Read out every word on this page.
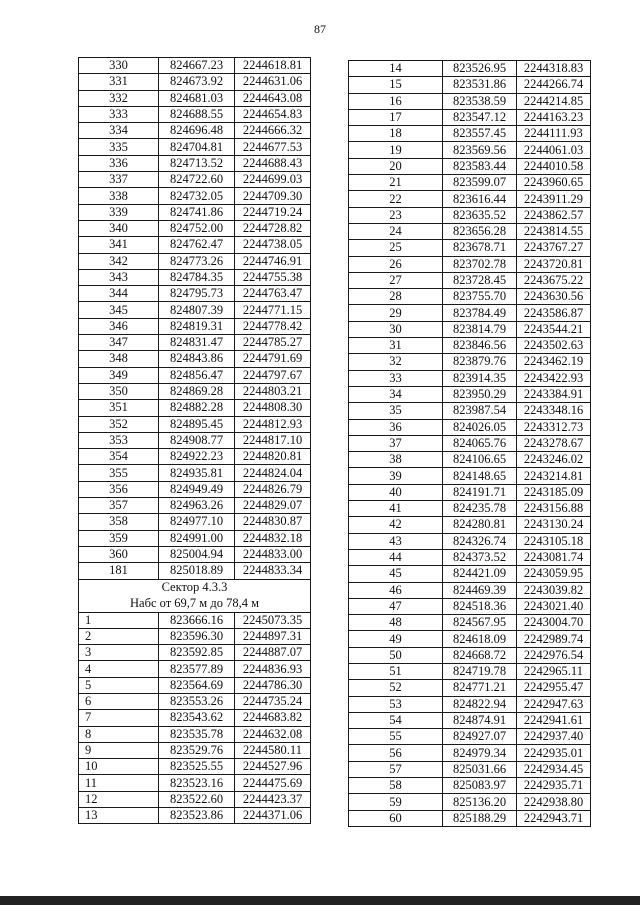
87
330	824667.23	2244618.81
331	824673.92	2244631.06
332	824681.03	2244643.08
333	824688.55	2244654.83
334	824696.48	2244666.32
335	824704.81	2244677.53
336	824713.52	2244688.43
337	824722.60	2244699.03
338	824732.05	2244709.30
339	824741.86	2244719.24
340	824752.00	2244728.82
341	824762.47	2244738.05
342	824773.26	2244746.91
343	824784.35	2244755.38
344	824795.73	2244763.47
345	824807.39	2244771.15
346	824819.31	2244778.42
347	824831.47	2244785.27
348	824843.86	2244791.69
349	824856.47	2244797.67
350	824869.28	2244803.21
351	824882.28	2244808.30
352	824895.45	2244812.93
353	824908.77	2244817.10
354	824922.23	2244820.81
355	824935.81	2244824.04
356	824949.49	2244826.79
357	824963.26	2244829.07
358	824977.10	2244830.87
359	824991.00	2244832.18
360	825004.94	2244833.00
181	825018.89	2244833.34
Сектор 4.3.3		
Набс от 69,7 м до 78,4 м		
1	823666.16	2245073.35
2	823596.30	2244897.31
3	823592.85	2244887.07
4	823577.89	2244836.93
5	823564.69	2244786.30
6	823553.26	2244735.24
7	823543.62	2244683.82
8	823535.78	2244632.08
9	823529.76	2244580.11
10	823525.55	2244527.96
11	823523.16	2244475.69
12	823522.60	2244423.37
13	823523.86	2244371.06
14	823526.95	2244318.83
15	823531.86	2244266.74
16	823538.59	2244214.85
17	823547.12	2244163.23
18	823557.45	2244111.93
19	823569.56	2244061.03
20	823583.44	2244010.58
21	823599.07	2243960.65
22	823616.44	2243911.29
23	823635.52	2243862.57
24	823656.28	2243814.55
25	823678.71	2243767.27
26	823702.78	2243720.81
27	823728.45	2243675.22
28	823755.70	2243630.56
29	823784.49	2243586.87
30	823814.79	2243544.21
31	823846.56	2243502.63
32	823879.76	2243462.19
33	823914.35	2243422.93
34	823950.29	2243384.91
35	823987.54	2243348.16
36	824026.05	2243312.73
37	824065.76	2243278.67
38	824106.65	2243246.02
39	824148.65	2243214.81
40	824191.71	2243185.09
41	824235.78	2243156.88
42	824280.81	2243130.24
43	824326.74	2243105.18
44	824373.52	2243081.74
45	824421.09	2243059.95
46	824469.39	2243039.82
47	824518.36	2243021.40
48	824567.95	2243004.70
49	824618.09	2242989.74
50	824668.72	2242976.54
51	824719.78	2242965.11
52	824771.21	2242955.47
53	824822.94	2242947.63
54	824874.91	2242941.61
55	824927.07	2242937.40
56	824979.34	2242935.01
57	825031.66	2242934.45
58	825083.97	2242935.71
59	825136.20	2242938.80
60	825188.29	2242943.71
